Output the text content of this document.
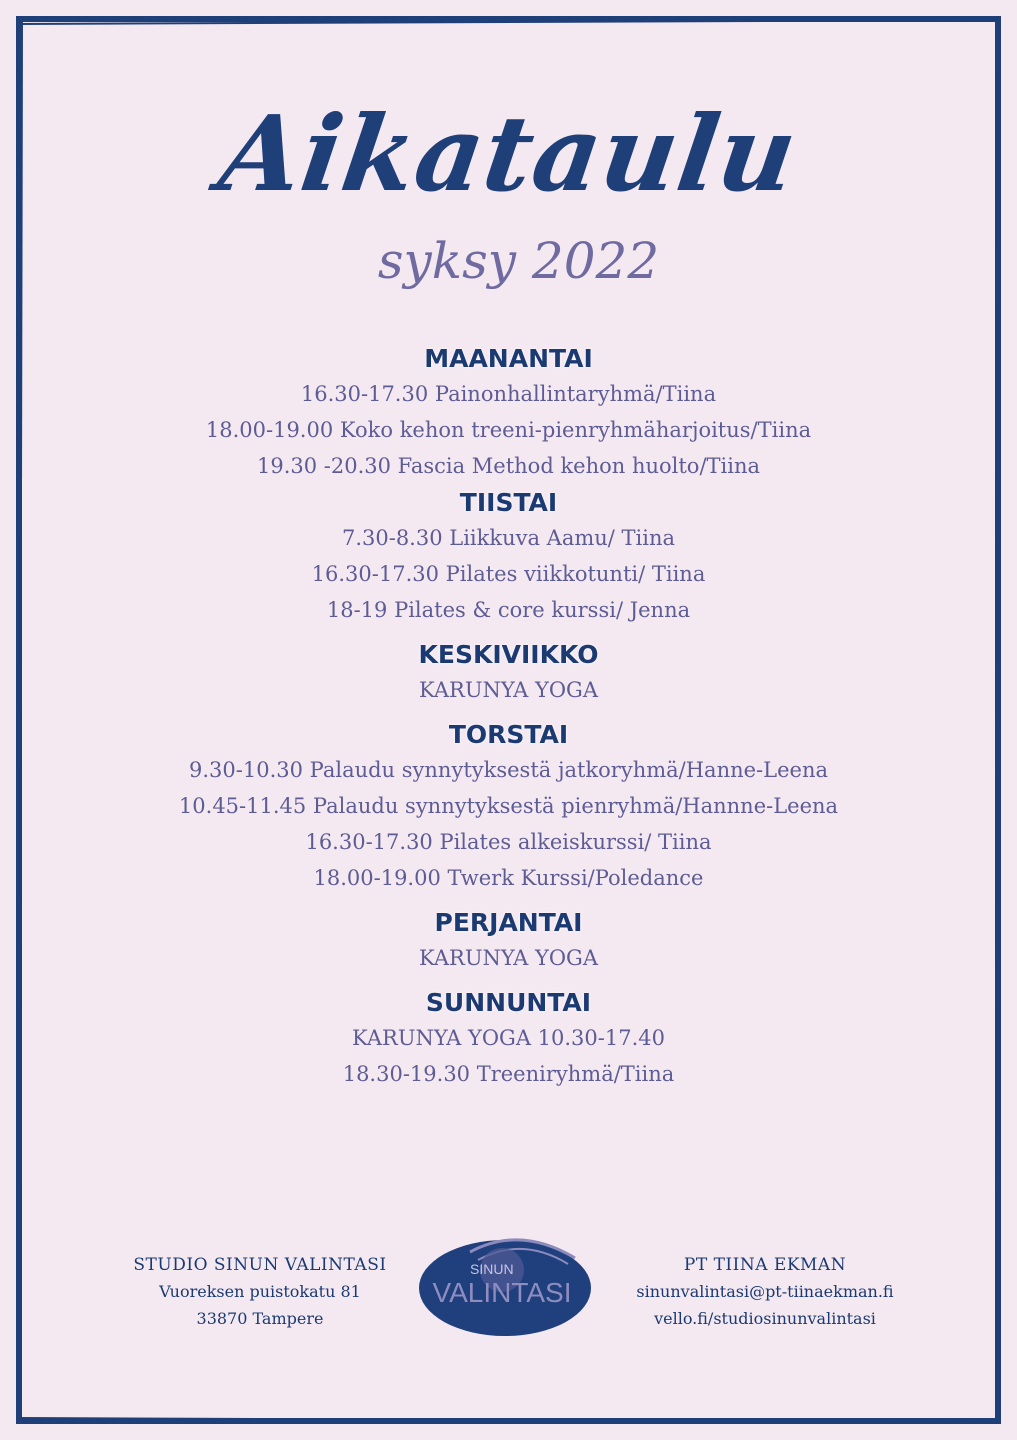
Aikataulu
syksy 2022
MAANANTAI
16.30-17.30 Painonhallintaryhmä/Tiina
18.00-19.00 Koko kehon treeni-pienryhmäharjoitus/Tiina
19.30 -20.30 Fascia Method kehon huolto/Tiina
TIISTAI
7.30-8.30 Liikkuva Aamu/ Tiina
16.30-17.30 Pilates viikkotunti/ Tiina
18-19 Pilates & core kurssi/ Jenna
KESKIVIIKKO
KARUNYA YOGA
TORSTAI
9.30-10.30 Palaudu synnytyksestä jatkoryhmä/Hanne-Leena
10.45-11.45 Palaudu synnytyksestä pienryhmä/Hannne-Leena
16.30-17.30 Pilates alkeiskurssi/ Tiina
18.00-19.00 Twerk Kurssi/Poledance
PERJANTAI
KARUNYA YOGA
SUNNUNTAI
KARUNYA YOGA 10.30-17.40
18.30-19.30 Treeniryhmä/Tiina
STUDIO SINUN VALINTASI
Vuoreksen puistokatu 81
33870 Tampere
SINUN
VALINTASI
PT TIINA EKMAN
sinunvalintasi@pt-tiinaekman.fi
vello.fi/studiosinunvalintasi
